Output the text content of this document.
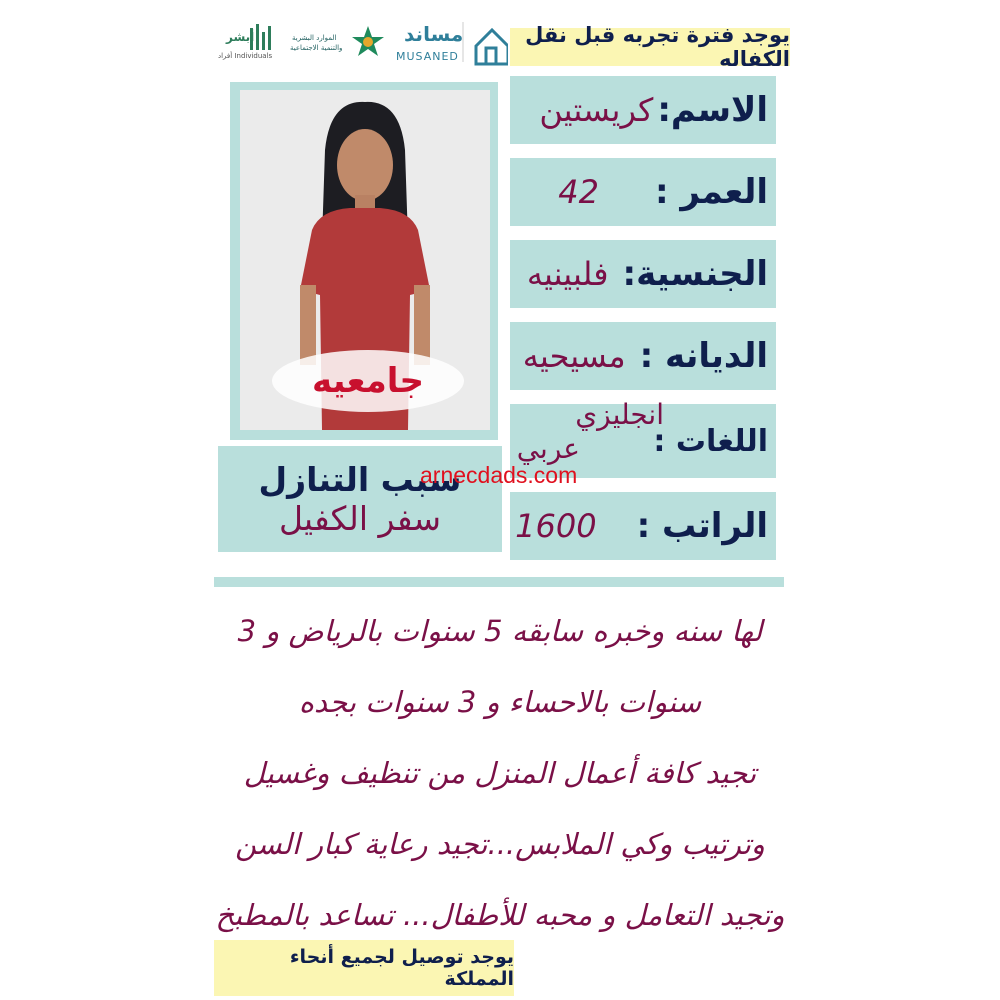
أبشر
أفراد Individuals
الموارد البشرية
والتنمية الاجتماعية
مساند
MUSANED
يوجد فترة تجربه قبل نقل الكفاله
جامعيه
الاسم:
كريستين
العمر :
42
الجنسية:
فلبينيه
الديانه :
مسيحيه
اللغات :
انجليزي
عربي
الراتب :
1600
سبب التنازل
سفر الكفيل
arnecdads.com
لها سنه وخبره سابقه 5 سنوات بالرياض و 3
سنوات بالاحساء و 3 سنوات بجده
تجيد كافة أعمال المنزل من تنظيف وغسيل
وترتيب وكي الملابس...تجيد رعاية كبار السن
وتجيد التعامل و محبه للأطفال... تساعد بالمطبخ
يوجد توصيل لجميع أنحاء المملكة
